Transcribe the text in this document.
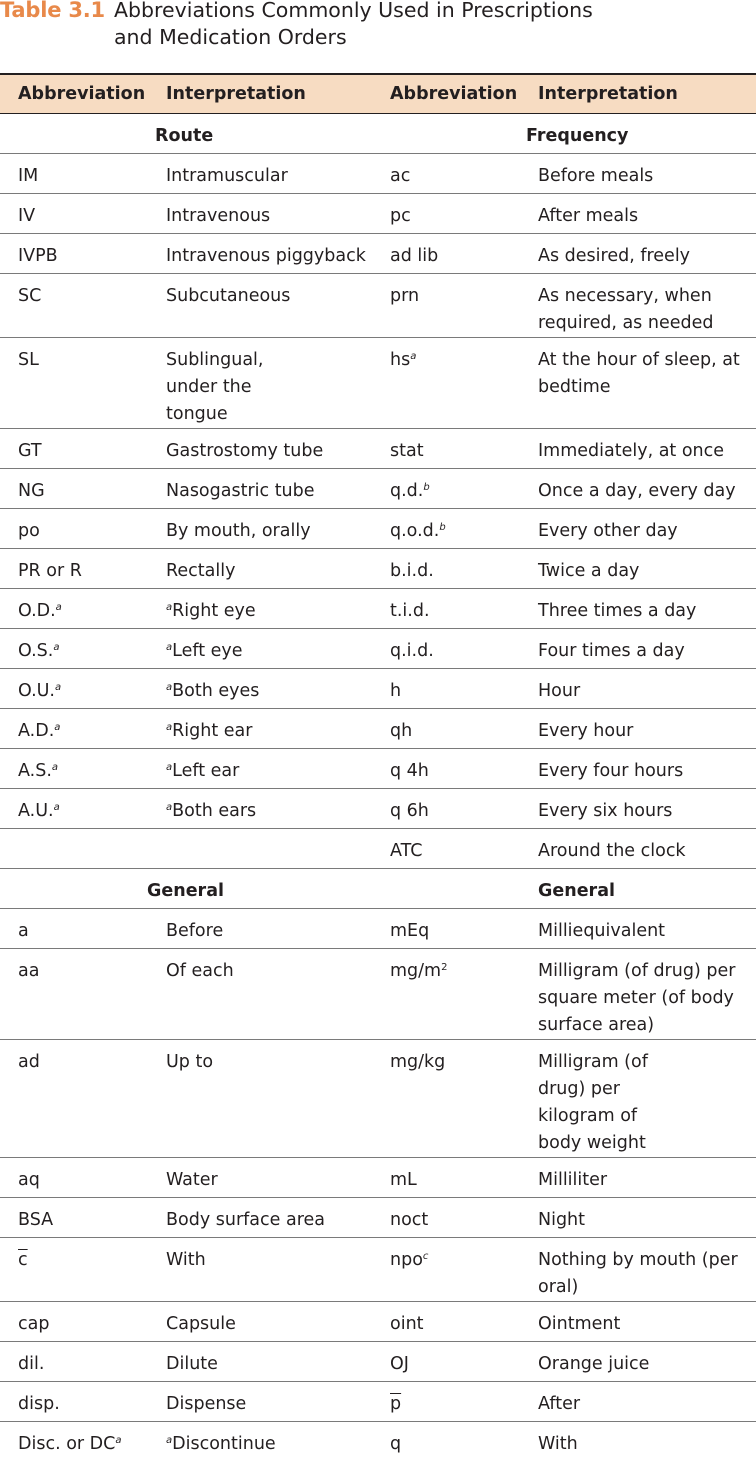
Table 3.1 Abbreviations Commonly Used in Prescriptions
and Medication Orders
Abbreviation	Interpretation	Abbreviation	Interpretation
Route		Frequency	
IM	Intramuscular	ac	Before meals
IV	Intravenous	pc	After meals
IVPB	Intravenous piggyback	ad lib	As desired, freely
SC	Subcutaneous	prn	As necessary, when required, as needed
SL	Sublingual, under the tongue	$hs^a$	At the hour of sleep, at bedtime
GT	Gastrostomy tube	stat	Immediately, at once
NG	Nasogastric tube	q.d.$^b$	Once a day, every day
po	By mouth, orally	q.o.d.$^b$	Every other day
PR or R	Rectally	b.i.d.	Twice a day
O.D.$^a$	$^a$Right eye	t.i.d.	Three times a day
O.S.$^a$	$^a$Left eye	q.i.d.	Four times a day
O.U.$^a$	$^a$Both eyes	h	Hour
A.D.$^a$	$^a$Right ear	qh	Every hour
A.S.$^a$	$^a$Left ear	q 4h	Every four hours
A.U.$^a$	$^a$Both ears	q 6h	Every six hours
		ATC	Around the clock
General		General	
a	Before	mEq	Milliequivalent
aa	Of each	$mg/m^2$	Milligram (of drug) per square meter (of body surface area)

ad	Up to	mg/kg	Milligram (of drug) per kilogram of body weight

aq	Water	mL	Milliliter
BSA	Body surface area	noct	Night
$\overline{c}$	With	npo$^c$	Nothing by mouth (per oral)
cap	Capsule	oint	Ointment
dil.	Dilute	OJ	Orange juice
disp.	Dispense	$\overline{p}$	After
Disc. or $DC^a$	$^a$Discontinue	q	With
